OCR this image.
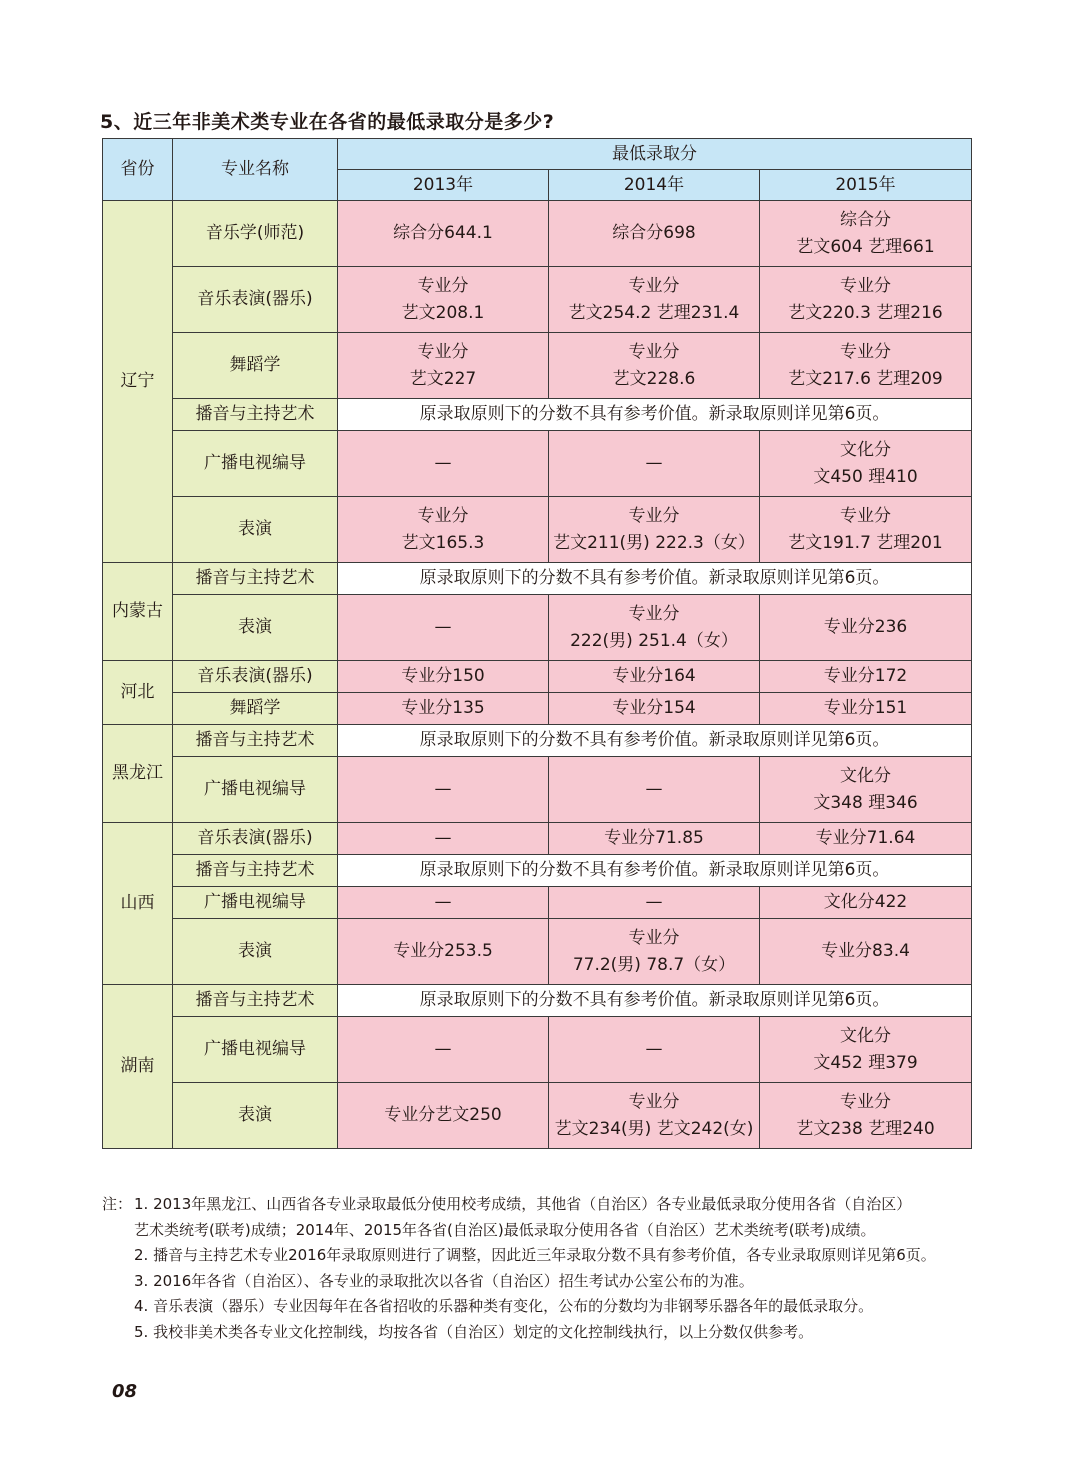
5、近三年非美术类专业在各省的最低录取分是多少?
省份	专业名称	最低录取分		
		2013年	2014年	2015年
辽宁	音乐学(师范)	综合分644.1	综合分698	综合分
艺文604 艺理661

	音乐表演(器乐)	专业分
艺文208.1	专业分
艺文254.2 艺理231.4	专业分
艺文220.3 艺理216

	舞蹈学	专业分
艺文227	专业分
艺文228.6	专业分
艺文217.6 艺理209

	播音与主持艺术	原录取原则下的分数不具有参考价值。新录取原则详见第6页。		
	广播电视编导	—	—	文化分
文450 理410

	表演	专业分
艺文165.3	专业分
艺文211(男) 222.3（女）	专业分
艺文191.7 艺理201

内蒙古	播音与主持艺术	原录取原则下的分数不具有参考价值。新录取原则详见第6页。		
	表演	—	专业分
222(男) 251.4（女）	专业分236

河北	音乐表演(器乐)	专业分150	专业分164	专业分172

	舞蹈学	专业分135	专业分154	专业分151

黑龙江	播音与主持艺术	原录取原则下的分数不具有参考价值。新录取原则详见第6页。		
	广播电视编导	—	—	文化分
文348 理346

山西	音乐表演(器乐)	—	专业分71.85	专业分71.64

	播音与主持艺术	原录取原则下的分数不具有参考价值。新录取原则详见第6页。		
	广播电视编导	—	—	文化分422

	表演	专业分253.5	专业分
77.2(男) 78.7（女）	专业分83.4

湖南	播音与主持艺术	原录取原则下的分数不具有参考价值。新录取原则详见第6页。		
	广播电视编导	—	—	文化分
文452 理379

	表演	专业分艺文250	专业分
艺文234(男) 艺文242(女)	专业分
艺文238 艺理240
注： 1. 2013年黑龙江、山西省各专业录取最低分使用校考成绩，其他省（自治区）各专业最低录取分使用各省（自治区）
艺术类统考(联考)成绩；2014年、2015年各省(自治区)最低录取分使用各省（自治区）艺术类统考(联考)成绩。
2. 播音与主持艺术专业2016年录取原则进行了调整，因此近三年录取分数不具有参考价值，各专业录取原则详见第6页。
3. 2016年各省（自治区）、各专业的录取批次以各省（自治区）招生考试办公室公布的为准。
4. 音乐表演（器乐）专业因每年在各省招收的乐器种类有变化，公布的分数均为非钢琴乐器各年的最低录取分。
5. 我校非美术类各专业文化控制线，均按各省（自治区）划定的文化控制线执行，以上分数仅供参考。
08
